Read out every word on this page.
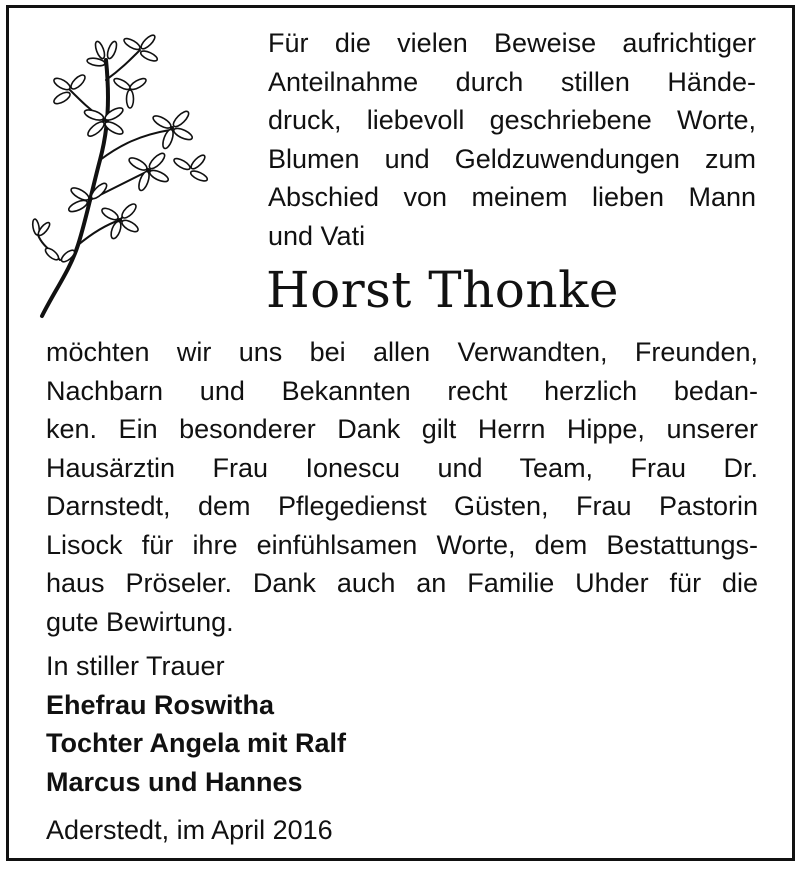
Für die vielen Beweise aufrichtiger
Anteilnahme durch stillen Hände-
druck, liebevoll geschriebene Worte,
Blumen und Geldzuwendungen zum
Abschied von meinem lieben Mann
und Vati
Horst Thonke
möchten wir uns bei allen Verwandten, Freunden,
Nachbarn und Bekannten recht herzlich bedan-
ken. Ein besonderer Dank gilt Herrn Hippe, unserer
Hausärztin Frau Ionescu und Team, Frau Dr.
Darnstedt, dem Pflegedienst Güsten, Frau Pastorin
Lisock für ihre einfühlsamen Worte, dem Bestattungs-
haus Pröseler. Dank auch an Familie Uhder für die
gute Bewirtung.
In stiller Trauer
Ehefrau Roswitha
Tochter Angela mit Ralf
Marcus und Hannes
Aderstedt, im April 2016
